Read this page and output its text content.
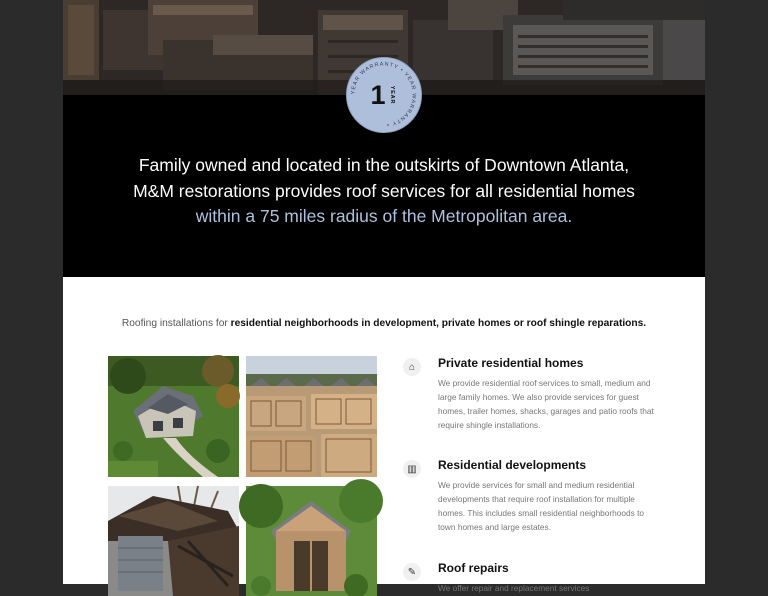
Family owned and located in the outskirts of Downtown Atlanta,
M&M restorations provides roof services for all residential homes
within a 75 miles radius of the Metropolitan area.
YEAR WARRANTY • YEAR WARRANTY •
1 YEAR
Roofing installations for residential neighborhoods in development, private homes or roof shingle reparations.
⌂	Private residential homes
We provide residential roof services to small, medium and large family homes. We also provide services for guest homes, trailer homes, shacks, garages and patio roofs that require shingle installations.
▥	Residential developments
We provide services for small and medium residential developments that require roof installation for multiple homes. This includes small residential neighborhoods to town homes and large estates.
✎	Roof repairs
We offer repair and replacement services
